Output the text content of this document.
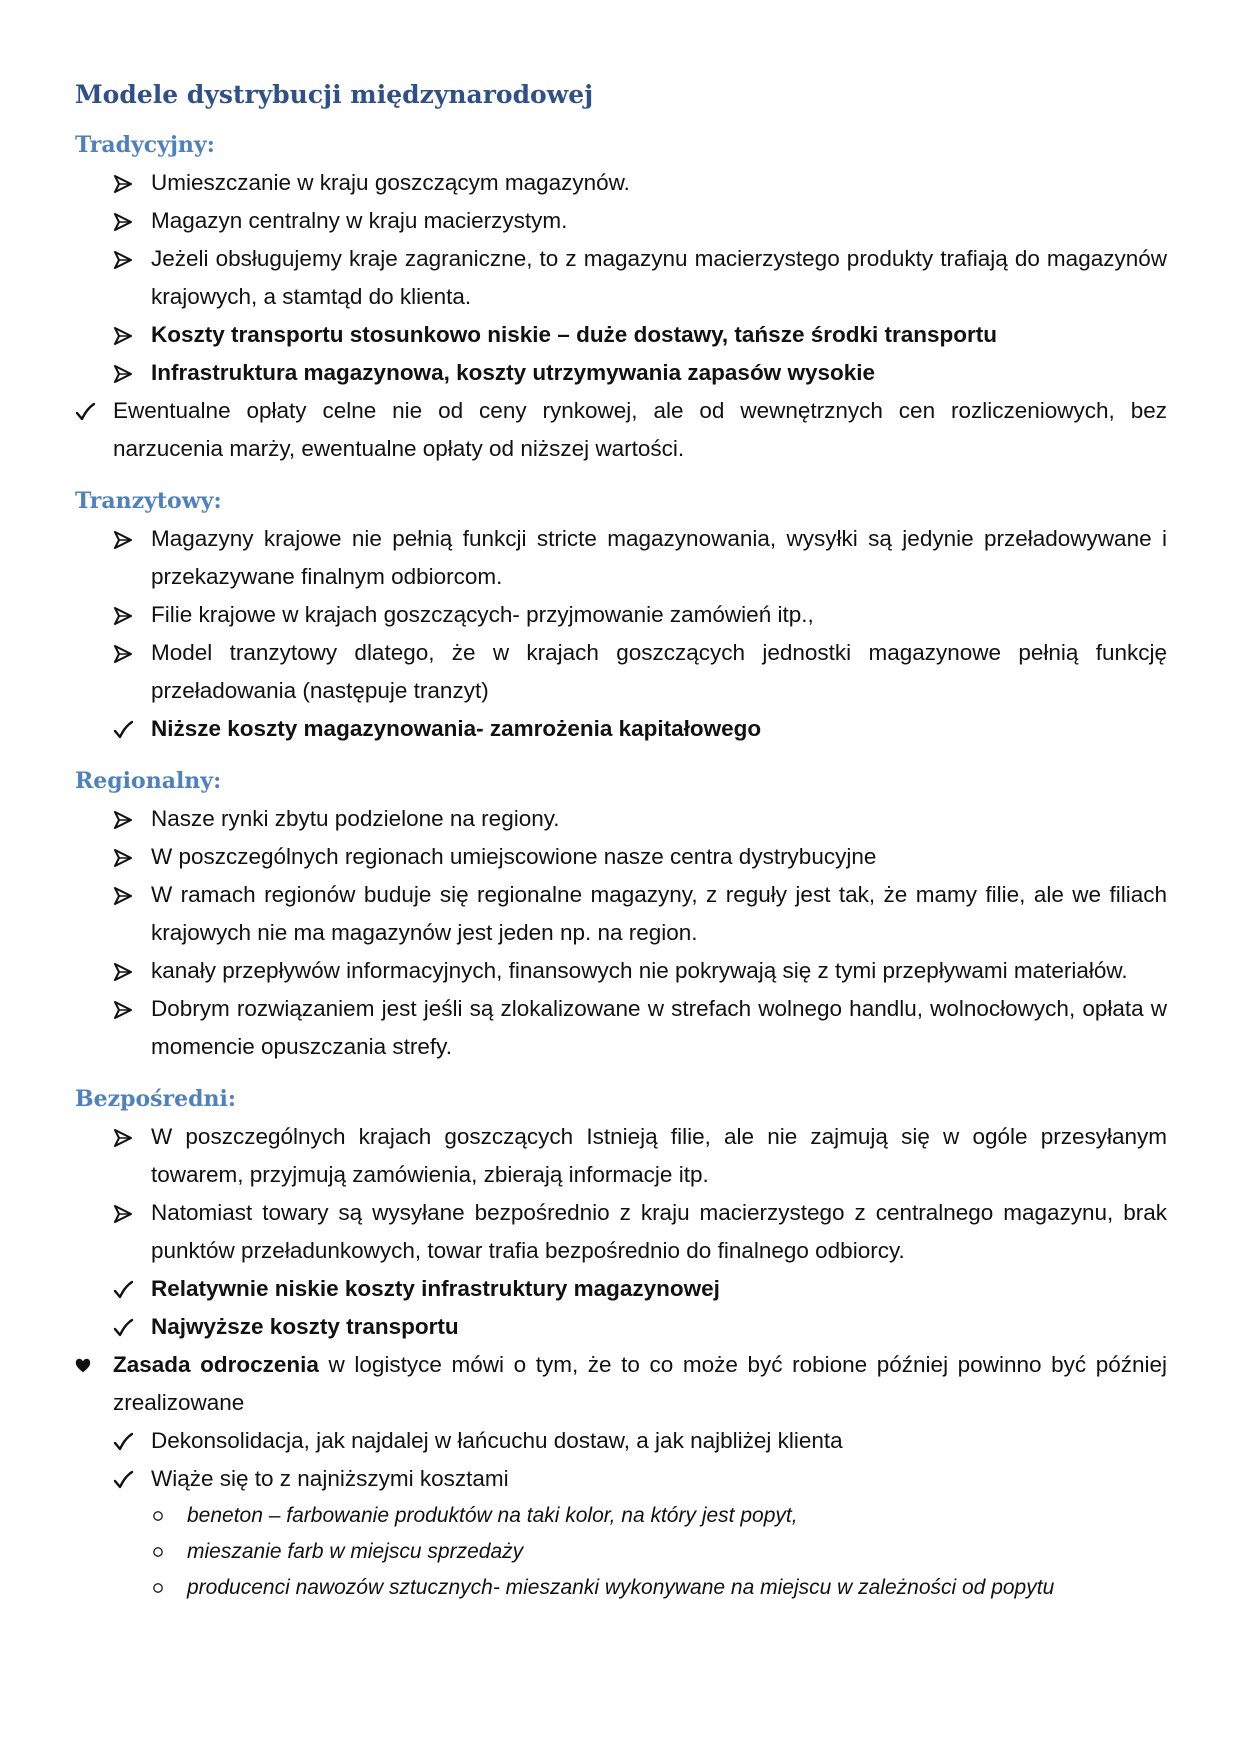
Modele dystrybucji międzynarodowej
Tradycyjny:
Umieszczanie w kraju goszczącym magazynów.
Magazyn centralny w kraju macierzystym.
Jeżeli obsługujemy kraje zagraniczne, to z magazynu macierzystego produkty trafiają do magazynów krajowych, a stamtąd do klienta.
Koszty transportu stosunkowo niskie – duże dostawy, tańsze środki transportu
Infrastruktura magazynowa, koszty utrzymywania zapasów wysokie
Ewentualne opłaty celne nie od ceny rynkowej, ale od wewnętrznych cen rozliczeniowych, bez narzucenia marży, ewentualne opłaty od niższej wartości.
Tranzytowy:
Magazyny krajowe nie pełnią funkcji stricte magazynowania, wysyłki są jedynie przeładowywane i przekazywane finalnym odbiorcom.
Filie krajowe w krajach goszczących- przyjmowanie zamówień itp.,
Model tranzytowy dlatego, że w krajach goszczących jednostki magazynowe pełnią funkcję przeładowania (następuje tranzyt)
Niższe koszty magazynowania- zamrożenia kapitałowego
Regionalny:
Nasze rynki zbytu podzielone na regiony.
W poszczególnych regionach umiejscowione nasze centra dystrybucyjne
W ramach regionów buduje się regionalne magazyny, z reguły jest tak, że mamy filie, ale we filiach krajowych nie ma magazynów jest jeden np. na region.
kanały przepływów informacyjnych, finansowych nie pokrywają się z tymi przepływami materiałów.
Dobrym rozwiązaniem jest jeśli są zlokalizowane w strefach wolnego handlu, wolnocłowych, opłata w momencie opuszczania strefy.
Bezpośredni:
W poszczególnych krajach goszczących Istnieją filie, ale nie zajmują się w ogóle przesyłanym towarem, przyjmują zamówienia, zbierają informacje itp.
Natomiast towary są wysyłane bezpośrednio z kraju macierzystego z centralnego magazynu, brak punktów przeładunkowych, towar trafia bezpośrednio do finalnego odbiorcy.
Relatywnie niskie koszty infrastruktury magazynowej
Najwyższe koszty transportu
Zasada odroczenia w logistyce mówi o tym, że to co może być robione później powinno być później zrealizowane
Dekonsolidacja, jak najdalej w łańcuchu dostaw, a jak najbliżej klienta
Wiąże się to z najniższymi kosztami
beneton – farbowanie produktów na taki kolor, na który jest popyt,
mieszanie farb w miejscu sprzedaży
producenci nawozów sztucznych- mieszanki wykonywane na miejscu w zależności od popytu
